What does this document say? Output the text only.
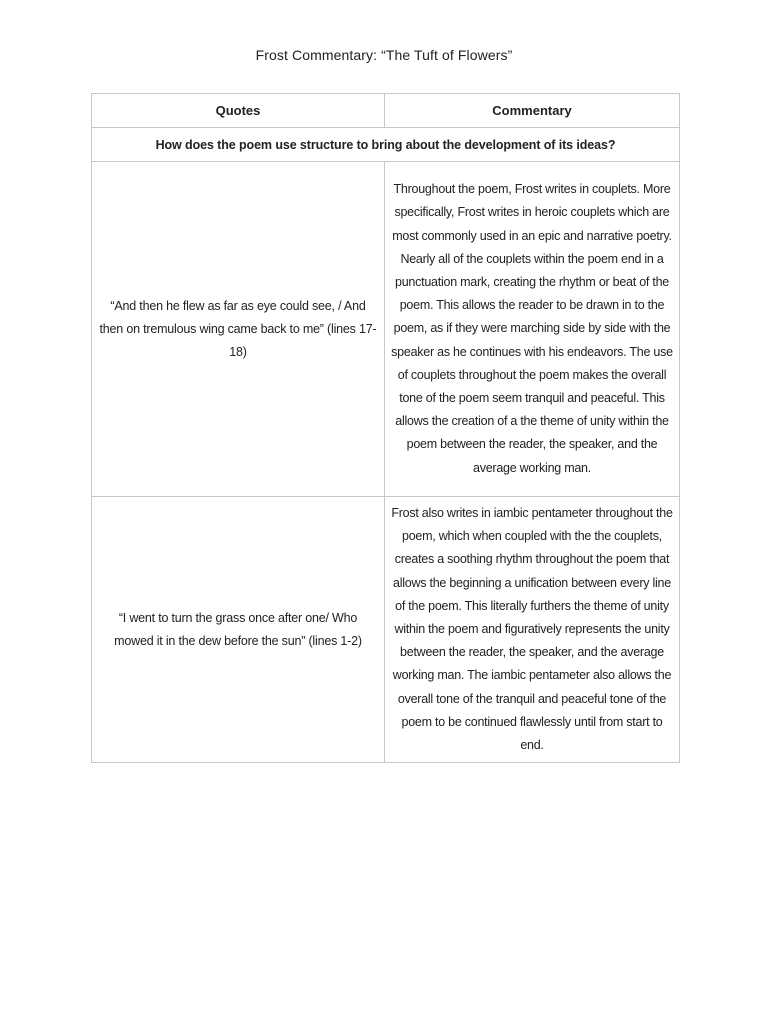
Frost Commentary: “The Tuft of Flowers”
Quotes	Commentary
How does the poem use structure to bring about the development of its ideas?	
“And then he flew as far as eye could see, / And then on tremulous wing came back to me” (lines 17-18)	Throughout the poem, Frost writes in couplets. More specifically, Frost writes in heroic couplets which are most commonly used in an epic and narrative poetry. Nearly all of the couplets within the poem end in a punctuation mark, creating the rhythm or beat of the poem. This allows the reader to be drawn in to the poem, as if they were marching side by side with the speaker as he continues with his endeavors. The use of couplets throughout the poem makes the overall tone of the poem seem tranquil and peaceful. This allows the creation of a the theme of unity within the poem between the reader, the speaker, and the average working man.
“I went to turn the grass once after one/ Who mowed it in the dew before the sun” (lines 1-2)	Frost also writes in iambic pentameter throughout the poem, which when coupled with the the couplets, creates a soothing rhythm throughout the poem that allows the beginning a unification between every line of the poem. This literally furthers the theme of unity within the poem and figuratively represents the unity between the reader, the speaker, and the average working man. The iambic pentameter also allows the overall tone of the tranquil and peaceful tone of the poem to be continued flawlessly until from start to end.
